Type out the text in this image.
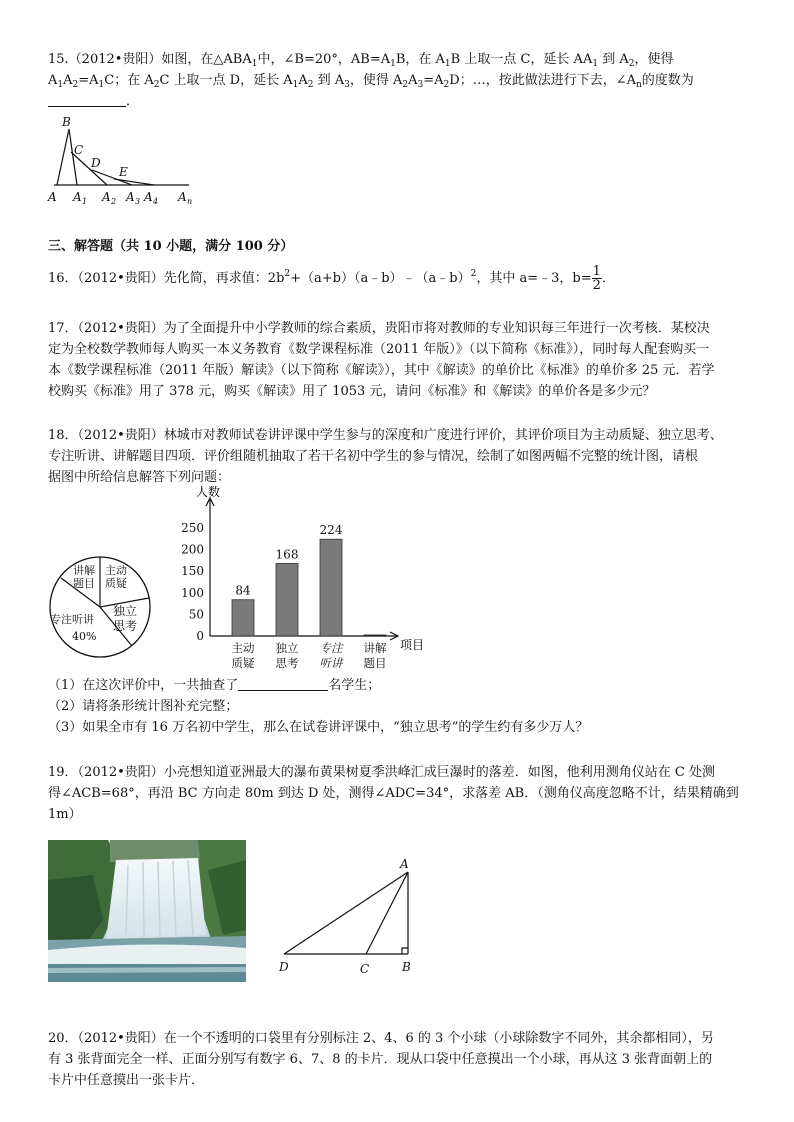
15.（2012•贵阳）如图，在$\triangle ABA_1$中，∠B=20°，$AB=A_1B$，在 $A_1B$ 上取一点 C，延长 $AA_1$ 到 $A_2$，使得

$A_1A_2=A_1C$；在 $A_2C$ 上取一点 D，延长 $A_1A_2$ 到 $A_3$，使得 $A_2A_3=A_2D$；…，按此做法进行下去，$\angle A_n$的度数为

．

B
C
D
E
A A 1 A 2 A 3 A 4 A n

三、解答题（共 10 小题，满分 100 分）

16．（2012•贵阳）先化简，再求值：$2b^2+(a+b)(a﹣b)﹣(a﹣b)^2$，其中 a=﹣3，$b= \frac{1}{2}$ ．

17．（2012•贵阳）为了全面提升中小学教师的综合素质，贵阳市将对教师的专业知识每三年进行一次考核．某校决

定为全校数学教师每人购买一本义务教育《数学课程标准（2011 年版）》（以下简称《标准》），同时每人配套购买一

本《数学课程标准（2011 年版）解读》（以下简称《解读》），其中《解读》的单价比《标准》的单价多 25 元．若学

校购买《标准》用了 378 元，购买《解读》用了 1053 元，请问《标准》和《解读》的单价各是多少元？

18．（2012•贵阳）林城市对教师试卷讲评课中学生参与的深度和广度进行评价，其评价项目为主动质疑、独立思考、

专注听讲、讲解题目四项．评价组随机抽取了若干名初中学生的参与情况，绘制了如图两幅不完整的统计图，请根

据图中所给信息解答下列问题：

讲解
题目
主动
质疑
独立
思考
专注听讲
40%	0
50
100
150
200
250
84
168
224
主动
质疑
独立
思考
专注
听讲
讲解
题目
人数
项目

（1）在这次评价中，一共抽查了	名学生；

（2）请将条形统计图补充完整；

（3）如果全市有 16 万名初中学生，那么在试卷讲评课中，“独立思考”的学生约有多少万人？

19．（2012•贵阳）小亮想知道亚洲最大的瀑布黄果树夏季洪峰汇成巨瀑时的落差．如图，他利用测角仪站在 C 处测

得∠ACB=68°，再沿 BC 方向走 80m 到达 D 处，测得∠ADC=34°，求落差 AB．（测角仪高度忽略不计，结果精确到

1m）

A
B
C
D

20．（2012•贵阳）在一个不透明的口袋里有分别标注 2、4、6 的 3 个小球（小球除数字不同外，其余都相同），另

有 3 张背面完全一样、正面分别写有数字 6、7、8 的卡片．现从口袋中任意摸出一个小球，再从这 3 张背面朝上的

卡片中任意摸出一张卡片．
